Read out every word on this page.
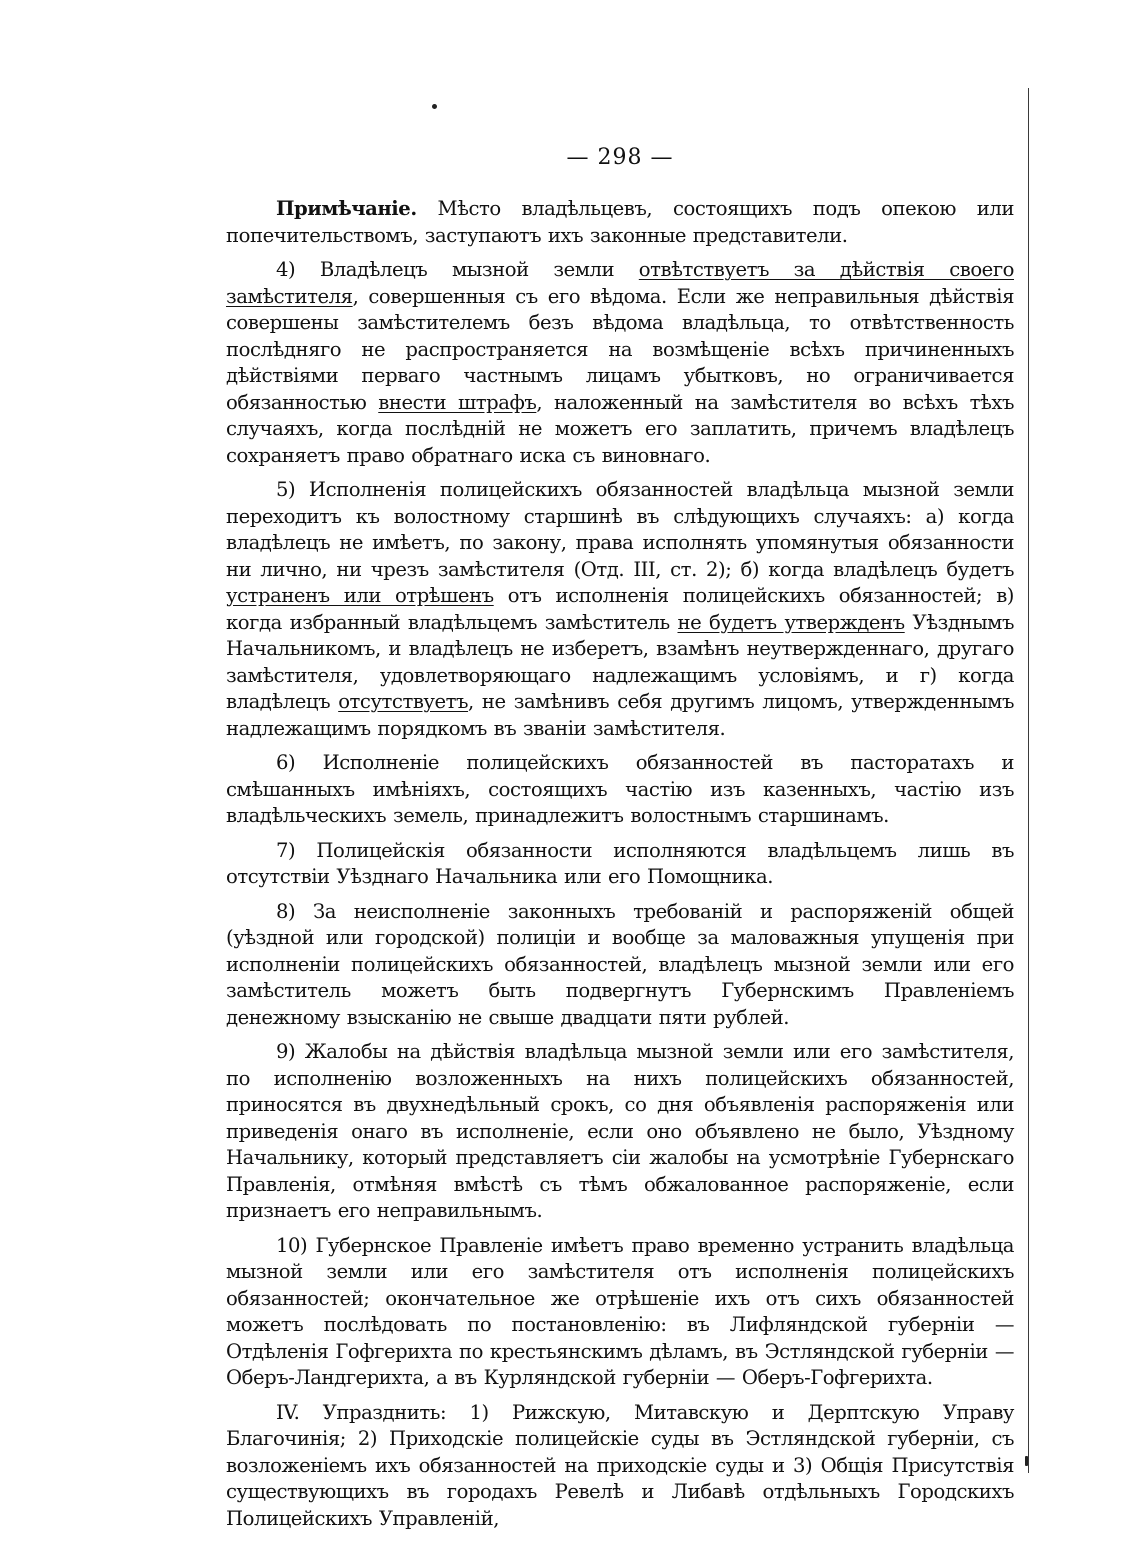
— 298 —

Примѣчаніе. Мѣсто владѣльцевъ, состоящихъ подъ опекою или попечительствомъ, заступаютъ ихъ законные представители.

4) Владѣлецъ мызной земли отвѣтствуетъ за дѣйствія своего замѣстителя, совершенныя съ его вѣдома. Если же неправильныя дѣйствія совершены замѣстителемъ безъ вѣдома владѣльца, то отвѣтственность послѣдняго не распространяется на возмѣщеніе всѣхъ причиненныхъ дѣйствіями перваго частнымъ лицамъ убытковъ, но ограничивается обязанностью внести штрафъ, наложенный на замѣстителя во всѣхъ тѣхъ случаяхъ, когда послѣдній не можетъ его заплатить, причемъ владѣлецъ сохраняетъ право обратнаго иска съ виновнаго.

5) Исполненія полицейскихъ обязанностей владѣльца мызной земли переходитъ къ волостному старшинѣ въ слѣдующихъ случаяхъ: а) когда владѣлецъ не имѣетъ, по закону, права исполнять упомянутыя обязанности ни лично, ни чрезъ замѣстителя (Отд. III, ст. 2); б) когда владѣлецъ будетъ устраненъ или отрѣшенъ отъ исполненія полицейскихъ обязанностей; в) когда избранный владѣльцемъ замѣститель не будетъ утвержденъ Уѣзднымъ Начальникомъ, и владѣлецъ не изберетъ, взамѣнъ неутвержденнаго, другаго замѣстителя, удовлетворяющаго надлежащимъ условіямъ, и г) когда владѣлецъ отсутствуетъ, не замѣнивъ себя другимъ лицомъ, утвержденнымъ надлежащимъ порядкомъ въ званіи замѣстителя.

6) Исполненіе полицейскихъ обязанностей въ пасторатахъ и смѣшанныхъ имѣніяхъ, состоящихъ частію изъ казенныхъ, частію изъ владѣльческихъ земель, принадлежитъ волостнымъ старшинамъ.

7) Полицейскія обязанности исполняются владѣльцемъ лишь въ отсутствіи Уѣзднаго Начальника или его Помощника.

8) За неисполненіе законныхъ требованій и распоряженій общей (уѣздной или городской) полиціи и вообще за маловажныя упущенія при исполненіи полицейскихъ обязанностей, владѣлецъ мызной земли или его замѣститель можетъ быть подвергнутъ Губернскимъ Правленіемъ денежному взысканію не свыше двадцати пяти рублей.

9) Жалобы на дѣйствія владѣльца мызной земли или его замѣстителя, по исполненію возложенныхъ на нихъ полицейскихъ обязанностей, приносятся въ двухнедѣльный срокъ, со дня объявленія распоряженія или приведенія онаго въ исполненіе, если оно объявлено не было, Уѣздному Начальнику, который представляетъ сіи жалобы на усмотрѣніе Губернскаго Правленія, отмѣняя вмѣстѣ съ тѣмъ обжалованное распоряженіе, если признаетъ его неправильнымъ.

10) Губернское Правленіе имѣетъ право временно устранить владѣльца мызной земли или его замѣстителя отъ исполненія полицейскихъ обязанностей; окончательное же отрѣшеніе ихъ отъ сихъ обязанностей можетъ послѣдовать по постановленію: въ Лифляндской губерніи — Отдѣленія Гофгерихта по крестьянскимъ дѣламъ, въ Эстляндской губерніи — Оберъ-Ландгерихта, а въ Курляндской губерніи — Оберъ-Гофгерихта.

IV. Упразднить: 1) Рижскую, Митавскую и Дерптскую Управу Благочинія; 2) Приходскіе полицейскіе суды въ Эстляндской губерніи, съ возложеніемъ ихъ обязанностей на приходскіе суды и 3) Общія Присутствія существующихъ въ городахъ Ревелѣ и Либавѣ отдѣльныхъ Городскихъ Полицейскихъ Управленій,
